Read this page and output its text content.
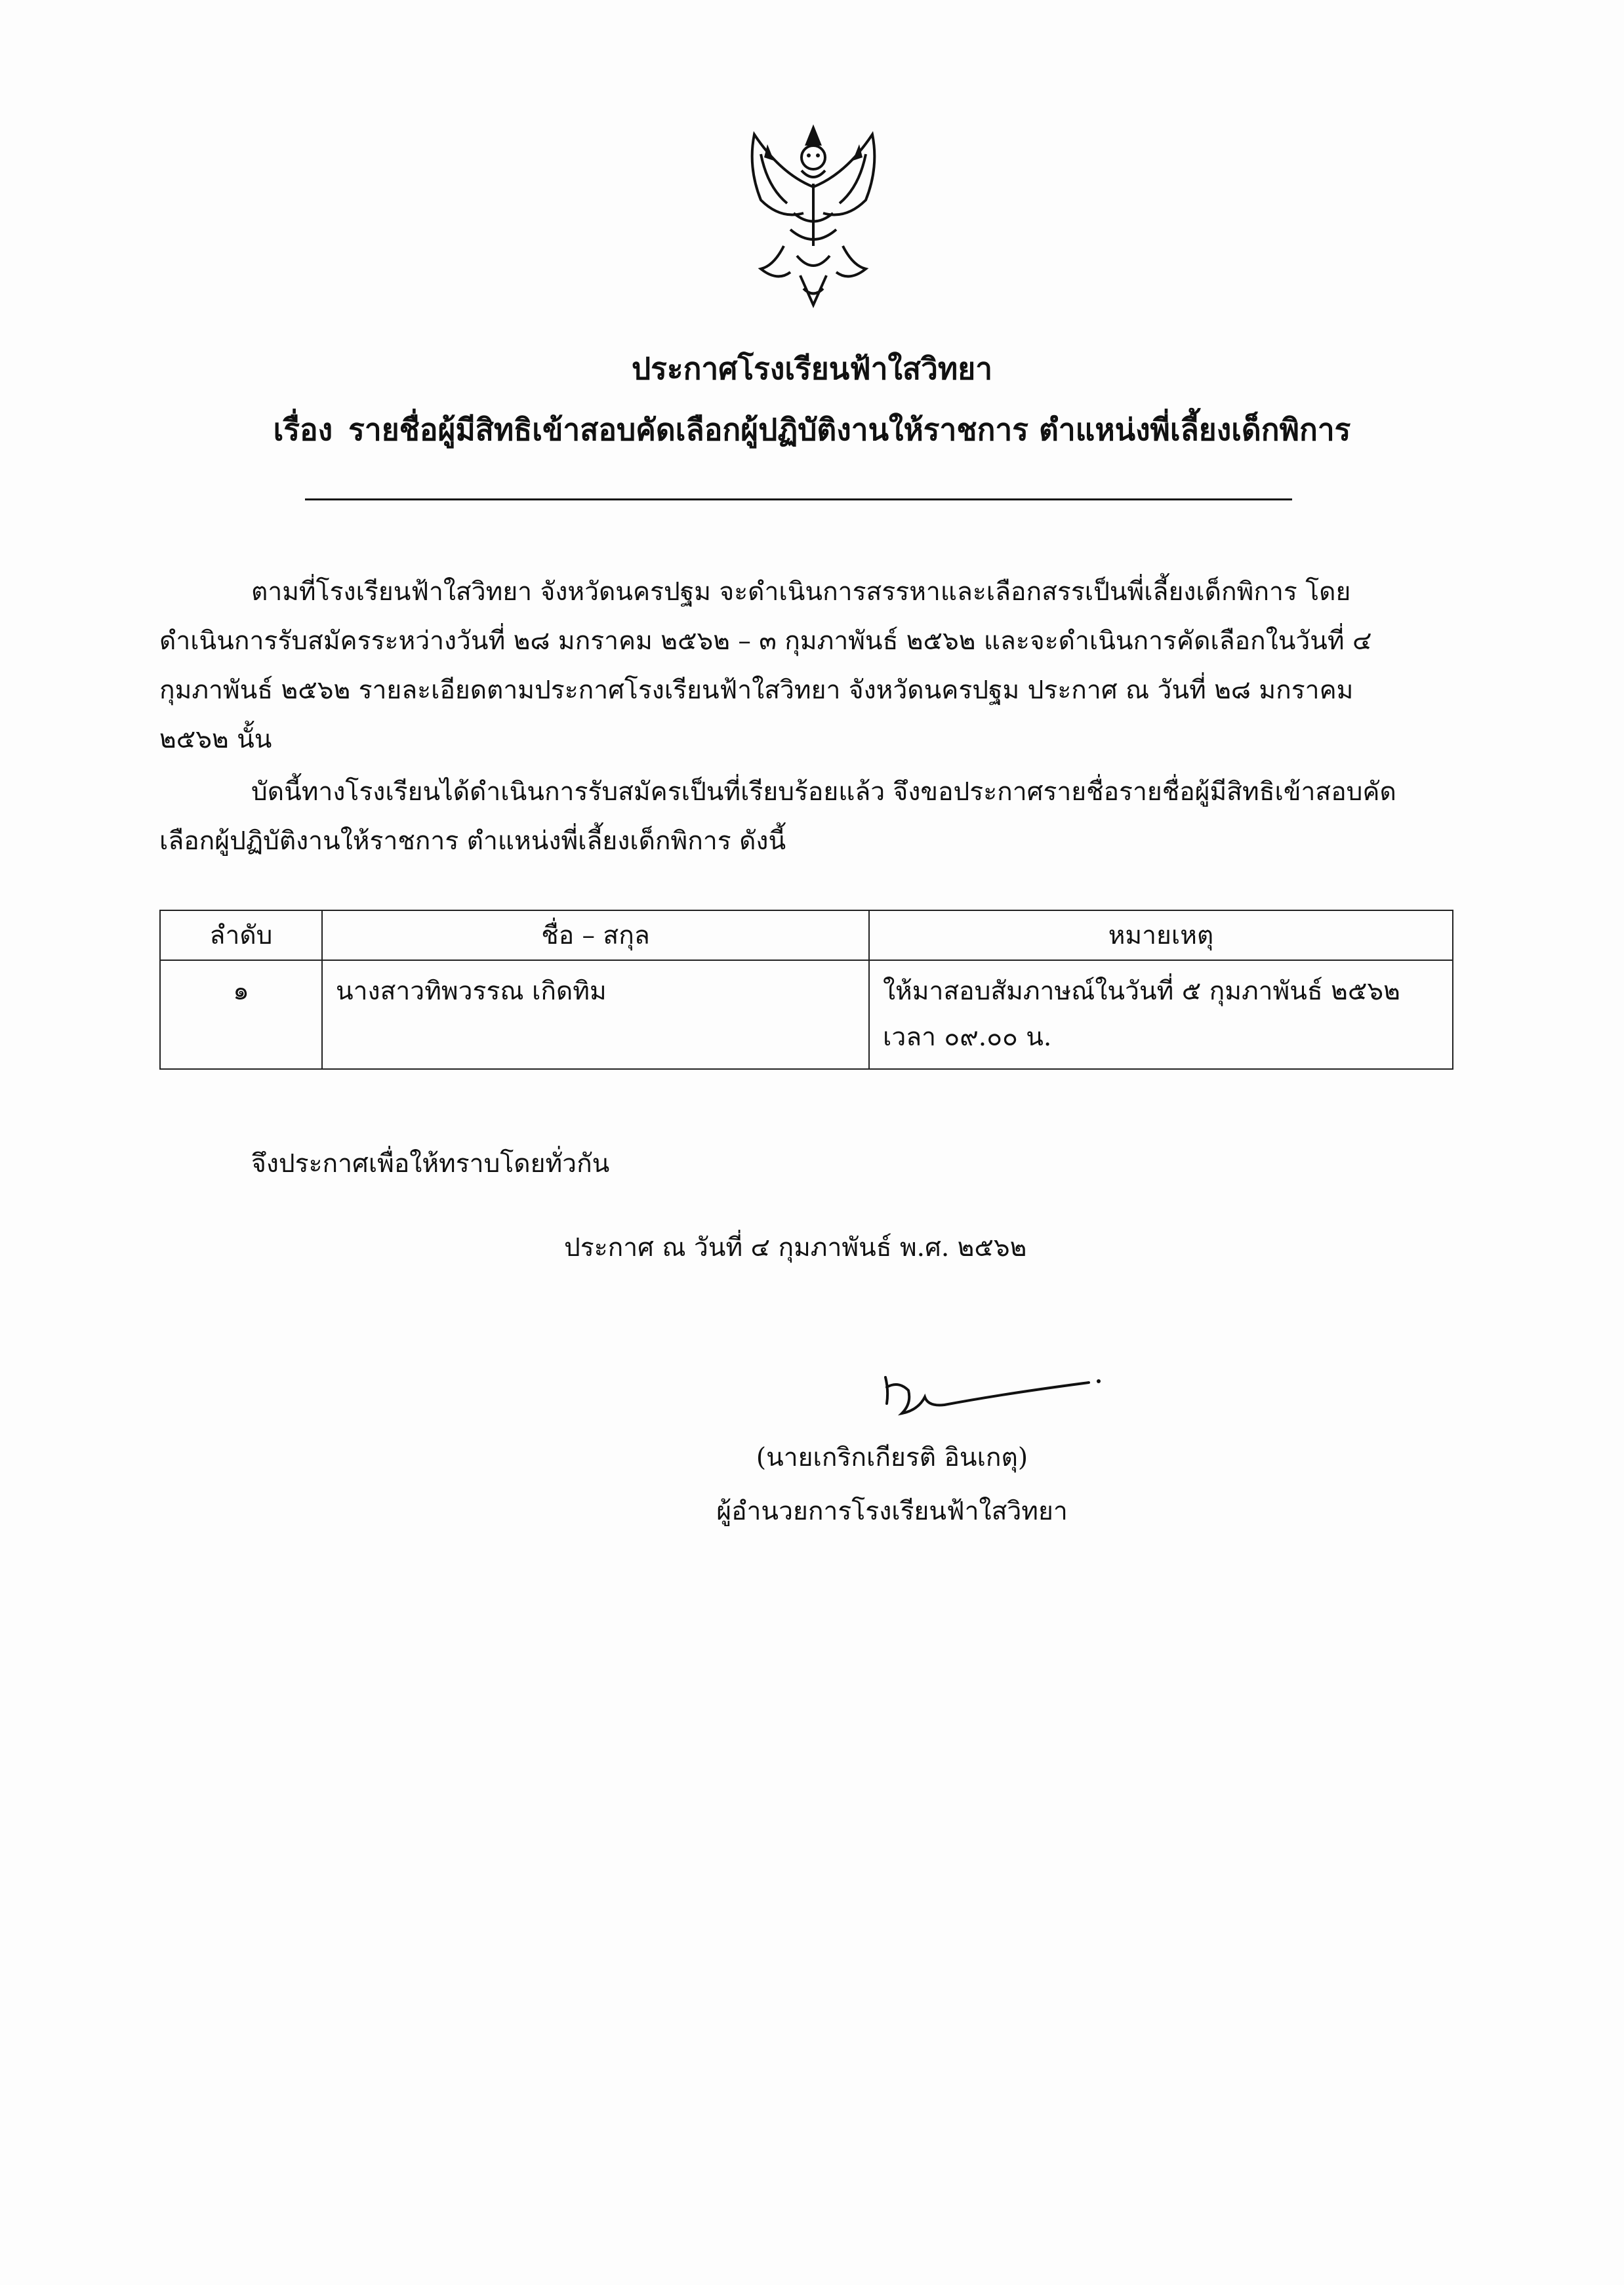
ประกาศโรงเรียนฟ้าใสวิทยา
เรื่อง รายชื่อผู้มีสิทธิเข้าสอบคัดเลือกผู้ปฏิบัติงานให้ราชการ ตำแหน่งพี่เลี้ยงเด็กพิการ

ตามที่โรงเรียนฟ้าใสวิทยา จังหวัดนครปฐม จะดำเนินการสรรหาและเลือกสรรเป็นพี่เลี้ยงเด็กพิการ โดยดำเนินการรับสมัครระหว่างวันที่ ๒๘ มกราคม ๒๕๖๒ – ๓ กุมภาพันธ์ ๒๕๖๒ และจะดำเนินการคัดเลือกในวันที่ ๔ กุมภาพันธ์ ๒๕๖๒ รายละเอียดตามประกาศโรงเรียนฟ้าใสวิทยา จังหวัดนครปฐม ประกาศ ณ วันที่ ๒๘ มกราคม ๒๕๖๒ นั้น

บัดนี้ทางโรงเรียนได้ดำเนินการรับสมัครเป็นที่เรียบร้อยแล้ว จึงขอประกาศรายชื่อรายชื่อผู้มีสิทธิเข้าสอบคัดเลือกผู้ปฏิบัติงานให้ราชการ ตำแหน่งพี่เลี้ยงเด็กพิการ ดังนี้

ลำดับ	ชื่อ – สกุล	หมายเหตุ
๑	นางสาวทิพวรรณ เกิดทิม	ให้มาสอบสัมภาษณ์ในวันที่ ๕ กุมภาพันธ์ ๒๕๖๒
เวลา ๐๙.๐๐ น.
จึงประกาศเพื่อให้ทราบโดยทั่วกัน
ประกาศ ณ วันที่ ๔ กุมภาพันธ์ พ.ศ. ๒๕๖๒
(นายเกริกเกียรติ อินเกตุ)
ผู้อำนวยการโรงเรียนฟ้าใสวิทยา
